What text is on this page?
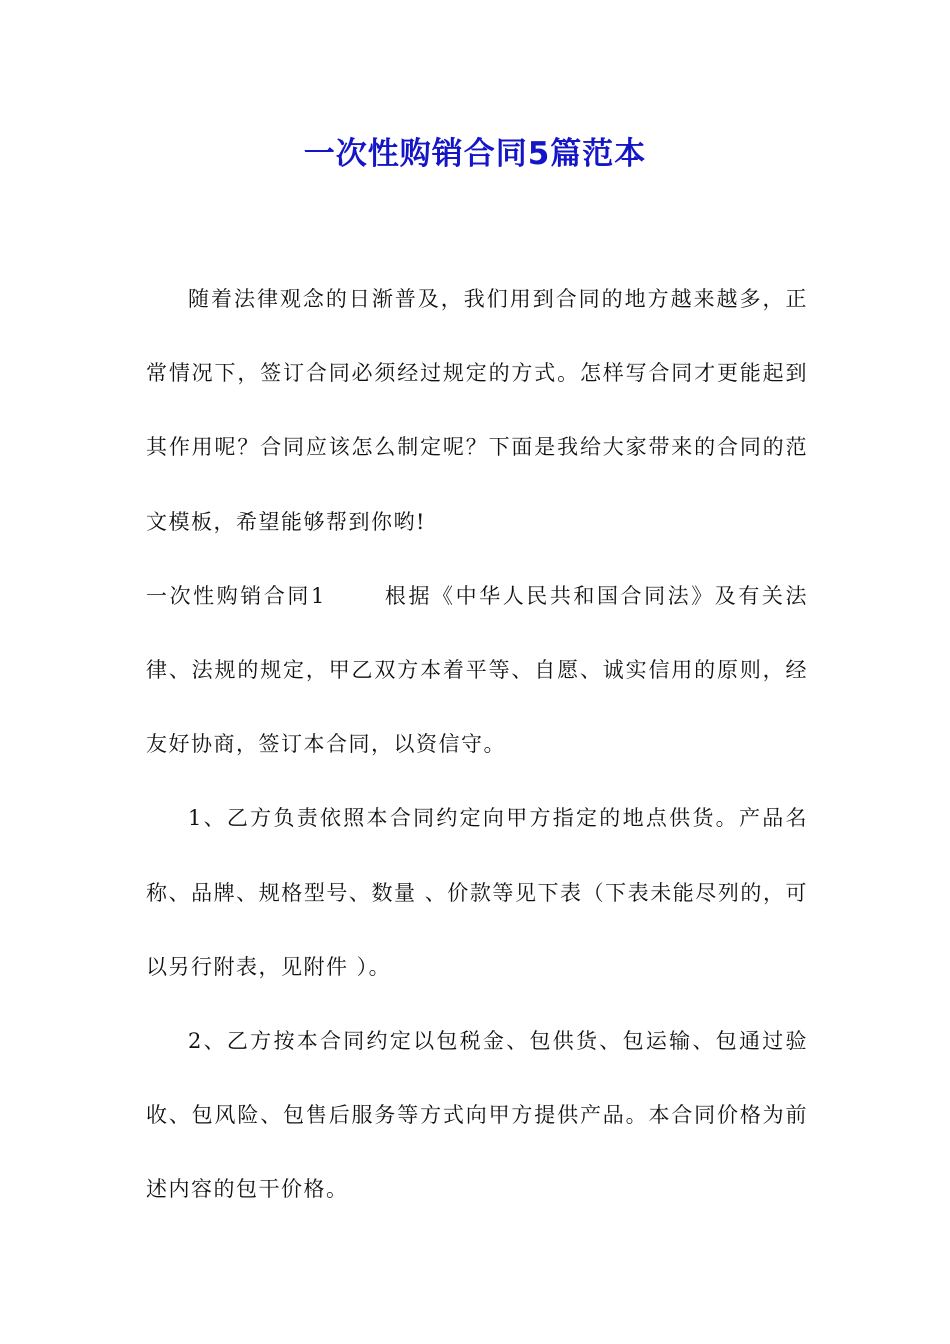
一次性购销合同5篇范本

随着法律观念的日渐普及，我们用到合同的地方越来越多，正常情况下，签订合同必须经过规定的方式。怎样写合同才更能起到其作用呢？合同应该怎么制定呢？下面是我给大家带来的合同的范文模板，希望能够帮到你哟!

一次性购销合同1	根据《中华人民共和国合同法》及有关法律、法规的规定，甲乙双方本着平等、自愿、诚实信用的原则，经友好协商，签订本合同，以资信守。

1、乙方负责依照本合同约定向甲方指定的地点供货。产品名称、品牌、规格型号、数量 、价款等见下表（下表未能尽列的，可以另行附表，见附件 ）。

2、乙方按本合同约定以包税金、包供货、包运输、包通过验收、包风险、包售后服务等方式向甲方提供产品。本合同价格为前述内容的包干价格。
